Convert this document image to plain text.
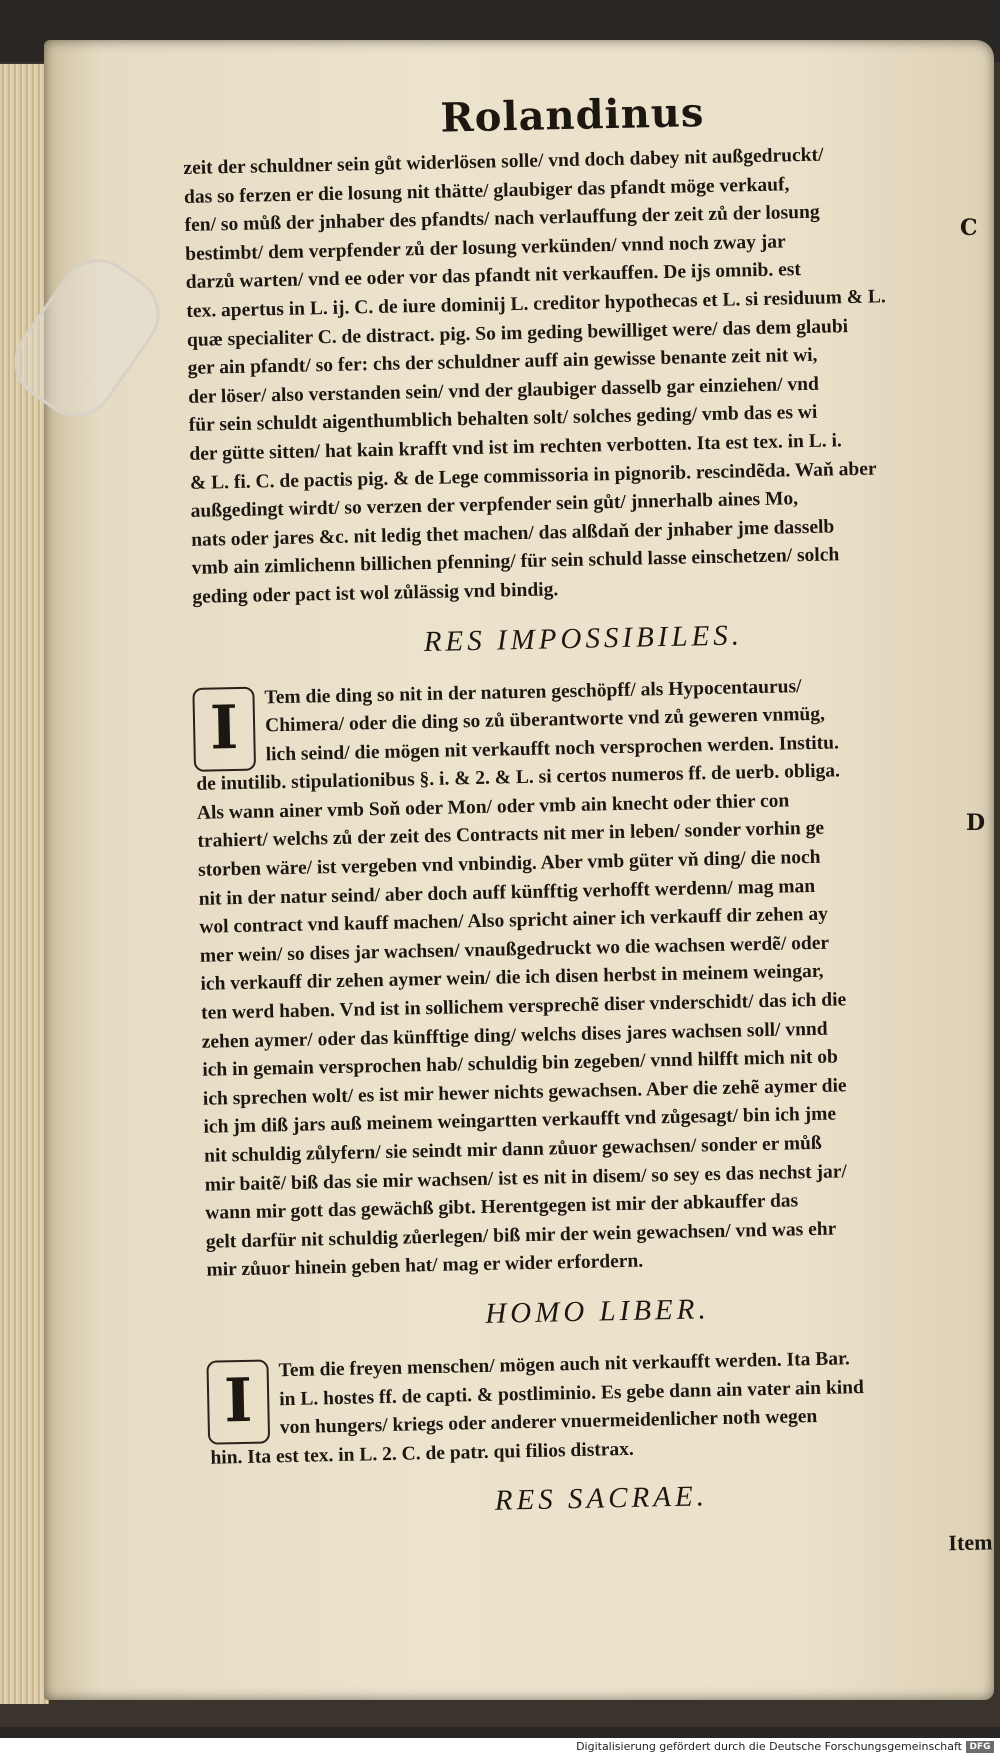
C
D
Rolandinus
zeit der schuldner sein gůt widerlösen solle/ vnd doch dabey nit außgedruckt/
das so ferzen er die losung nit thätte/ glaubiger das pfandt möge verkauf,
fen/ so můß der jnhaber des pfandts/ nach verlauffung der zeit zů der losung
bestimbt/ dem verpfender zů der losung verkünden/ vnnd noch zway jar
darzů warten/ vnd ee oder vor das pfandt nit verkauffen. De ijs omnib. est
tex. apertus in L. ij. C. de iure dominij L. creditor hypothecas et L. si residuum & L.
quæ specialiter C. de distract. pig. So im geding bewilliget were/ das dem glaubi
ger ain pfandt/ so fer: chs der schuldner auff ain gewisse benante zeit nit wi,
der löser/ also verstanden sein/ vnd der glaubiger dasselb gar einziehen/ vnd
für sein schuldt aigenthumblich behalten solt/ solches geding/ vmb das es wi
der gütte sitten/ hat kain krafft vnd ist im rechten verbotten. Ita est tex. in L. i.
& L. fi. C. de pactis pig. & de Lege commissoria in pignorib. rescindẽda. Waň aber
außgedingt wirdt/ so verzen der verpfender sein gůt/ jnnerhalb aines Mo,
nats oder jares &c. nit ledig thet machen/ das alßdaň der jnhaber jme dasselb
vmb ain zimlichenn billichen pfenning/ für sein schuld lasse einschetzen/ solch
geding oder pact ist wol zůlässig vnd bindig.
RES IMPOSSIBILES.
I
Tem die ding so nit in der naturen geschöpff/ als Hypocentaurus/
Chimera/ oder die ding so zů überantworte vnd zů geweren vnmüg,
lich seind/ die mögen nit verkaufft noch versprochen werden. Institu.
de inutilib. stipulationibus §. i. & 2. & L. si certos numeros ff. de uerb. obliga.
Als wann ainer vmb Soň oder Mon/ oder vmb ain knecht oder thier con
trahiert/ welchs zů der zeit des Contracts nit mer in leben/ sonder vorhin ge
storben wäre/ ist vergeben vnd vnbindig. Aber vmb güter vň ding/ die noch
nit in der natur seind/ aber doch auff künfftig verhofft werdenn/ mag man
wol contract vnd kauff machen/ Also spricht ainer ich verkauff dir zehen ay
mer wein/ so dises jar wachsen/ vnaußgedruckt wo die wachsen werdẽ/ oder
ich verkauff dir zehen aymer wein/ die ich disen herbst in meinem weingar,
ten werd haben. Vnd ist in sollichem versprechẽ diser vnderschidt/ das ich die
zehen aymer/ oder das künfftige ding/ welchs dises jares wachsen soll/ vnnd
ich in gemain versprochen hab/ schuldig bin zegeben/ vnnd hilfft mich nit ob
ich sprechen wolt/ es ist mir hewer nichts gewachsen. Aber die zehẽ aymer die
ich jm diß jars auß meinem weingartten verkaufft vnd zůgesagt/ bin ich jme
nit schuldig zůlyfern/ sie seindt mir dann zůuor gewachsen/ sonder er můß
mir baitẽ/ biß das sie mir wachsen/ ist es nit in disem/ so sey es das nechst jar/
wann mir gott das gewächß gibt. Herentgegen ist mir der abkauffer das
gelt darfür nit schuldig zůerlegen/ biß mir der wein gewachsen/ vnd was ehr
mir zůuor hinein geben hat/ mag er wider erfordern.
HOMO LIBER.
I
Tem die freyen menschen/ mögen auch nit verkaufft werden. Ita Bar.
in L. hostes ff. de capti. & postliminio. Es gebe dann ain vater ain kind
von hungers/ kriegs oder anderer vnuermeidenlicher noth wegen
hin. Ita est tex. in L. 2. C. de patr. qui filios distrax.
RES SACRAE.
Item
Digitalisierung gefördert durch die Deutsche Forschungsgemeinschaft DFG
